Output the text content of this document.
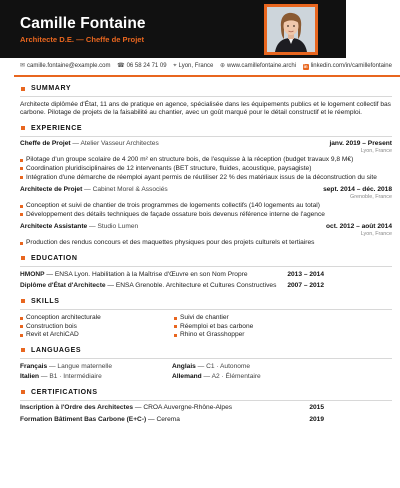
Camille Fontaine
Architecte D.E. — Cheffe de Projet
✉ camille.fontaine@example.com ☎ 06 58 24 71 09 ⌖ Lyon, France ⊕ www.camillefontaine.archi in linkedin.com/in/camillefontaine
SUMMARY

Architecte diplômée d'État, 11 ans de pratique en agence, spécialisée dans les équipements publics et le logement collectif bas carbone. Pilotage de projets de la faisabilité au chantier, avec un goût marqué pour le détail constructif et le réemploi.

EXPERIENCE
Cheffe de Projet — Atelier Vasseur Architectes	janv. 2019 – Present
Lyon, France
Pilotage d'un groupe scolaire de 4 200 m² en structure bois, de l'esquisse à la réception (budget travaux 9,8 M€)
Coordination pluridisciplinaires de 12 intervenants (BET structure, fluides, acoustique, paysagiste)
Intégration d'une démarche de réemploi ayant permis de réutiliser 22 % des matériaux issus de la déconstruction du site
Architecte de Projet — Cabinet Morel & Associés	sept. 2014 – déc. 2018
Grenoble, France
Conception et suivi de chantier de trois programmes de logements collectifs (140 logements au total)
Développement des détails techniques de façade ossature bois devenus référence interne de l'agence
Architecte Assistante — Studio Lumen	oct. 2012 – août 2014
Lyon, France
Production des rendus concours et des maquettes physiques pour des projets culturels et tertiaires
EDUCATION
HMONP — ENSA Lyon. Habilitation à la Maîtrise d'Œuvre en son Nom Propre	2013 – 2014
Diplôme d'État d'Architecte — ENSA Grenoble. Architecture et Cultures Constructives	2007 – 2012
SKILLS
Conception architecturale
Construction bois
Revit et ArchiCAD
Suivi de chantier
Réemploi et bas carbone
Rhino et Grasshopper
LANGUAGES
Français — Langue maternelle	Anglais — C1 · Autonome
Italien — B1 · Intermédiaire	Allemand — A2 · Élémentaire
CERTIFICATIONS
Inscription à l'Ordre des Architectes — CROA Auvergne-Rhône-Alpes	2015
Formation Bâtiment Bas Carbone (E+C-) — Cerema	2019
